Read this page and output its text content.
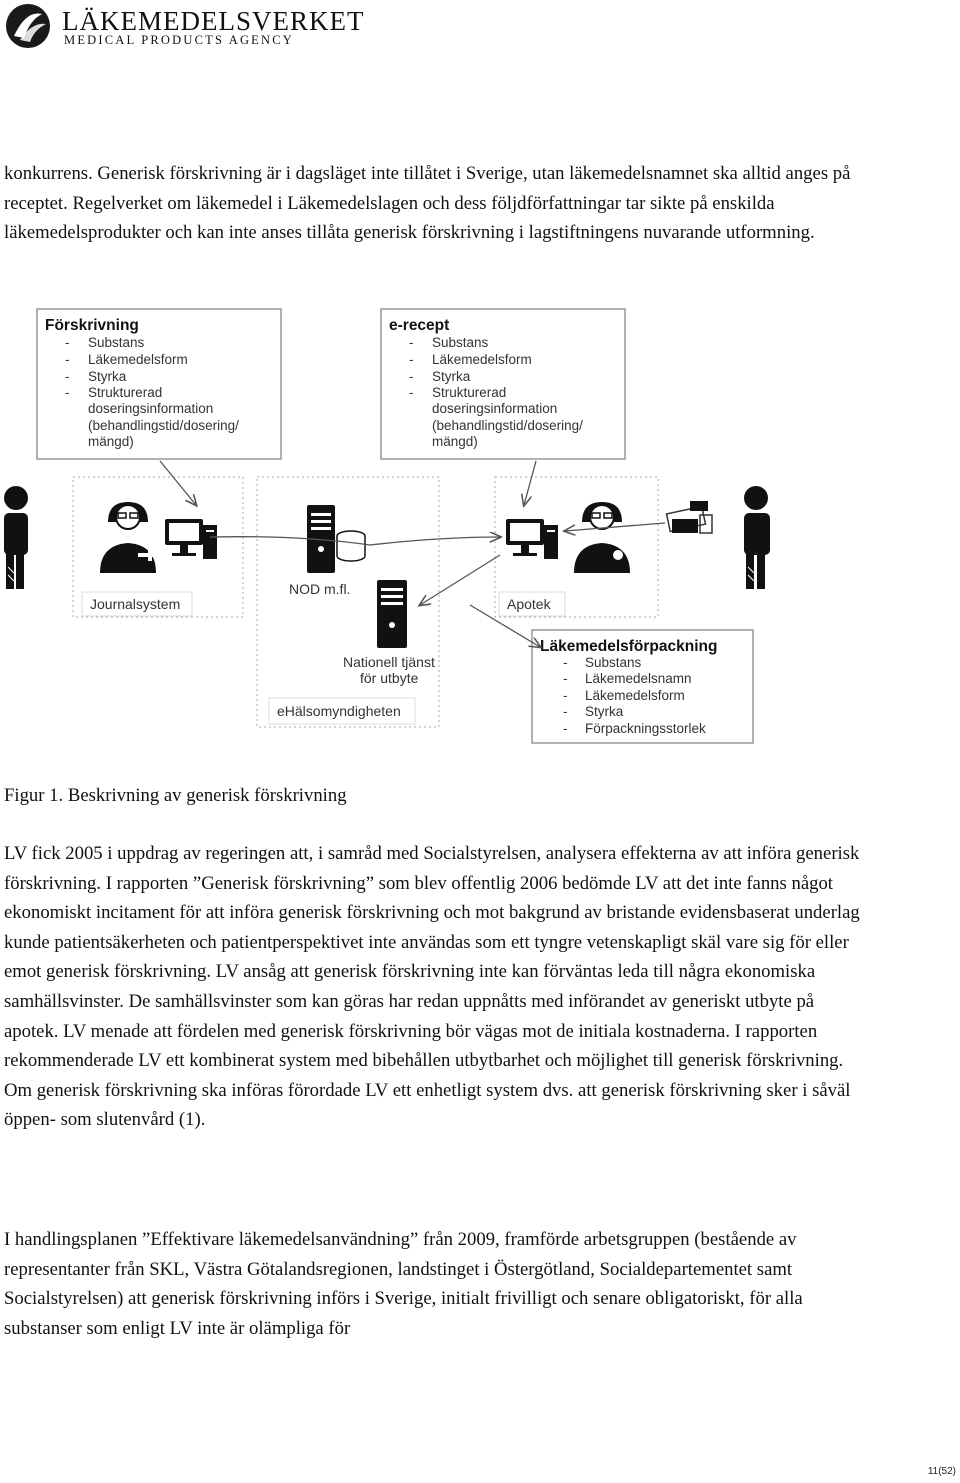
LÄKEMEDELSVERKET
MEDICAL PRODUCTS AGENCY

konkurrens. Generisk förskrivning är i dagsläget inte tillåtet i Sverige, utan läkemedelsnamnet ska alltid anges på receptet. Regelverket om läkemedel i Läkemedelslagen och dess följdförfattningar tar sikte på enskilda läkemedelsprodukter och kan inte anses tillåta generisk förskrivning i lagstiftningens nuvarande utformning.

Förskrivning
- Substans
- Läkemedelsform
- Styrka
- Strukturerad
doseringsinformation
(behandlingstid/dosering/
mängd)
e-recept
- Substans
- Läkemedelsform
- Styrka
- Strukturerad
doseringsinformation
(behandlingstid/dosering/
mängd)
Journalsystem
NOD m.fl.
Nationell tjänst
för utbyte
eHälsomyndigheten
Apotek
Läkemedelsförpackning
- Substans
- Läkemedelsnamn
- Läkemedelsform
- Styrka
- Förpackningsstorlek
Figur 1. Beskrivning av generisk förskrivning

LV fick 2005 i uppdrag av regeringen att, i samråd med Socialstyrelsen, analysera effekterna av att införa generisk förskrivning. I rapporten ”Generisk förskrivning” som blev offentlig 2006 bedömde LV att det inte fanns något ekonomiskt incitament för att införa generisk förskrivning och mot bakgrund av bristande evidensbaserat underlag kunde patientsäkerheten och patientperspektivet inte användas som ett tyngre vetenskapligt skäl vare sig för eller emot generisk förskrivning. LV ansåg att generisk förskrivning inte kan förväntas leda till några ekonomiska samhällsvinster. De samhällsvinster som kan göras har redan uppnåtts med införandet av generiskt utbyte på apotek. LV menade att fördelen med generisk förskrivning bör vägas mot de initiala kostnaderna. I rapporten rekommenderade LV ett kombinerat system med bibehållen utbytbarhet och möjlighet till generisk förskrivning. Om generisk förskrivning ska införas förordade LV ett enhetligt system dvs. att generisk förskrivning sker i såväl öppen- som slutenvård (1).

I handlingsplanen ”Effektivare läkemedelsanvändning” från 2009, framförde arbetsgruppen (bestående av representanter från SKL, Västra Götalandsregionen, landstinget i Östergötland, Socialdepartementet samt Socialstyrelsen) att generisk förskrivning införs i Sverige, initialt frivilligt och senare obligatoriskt, för alla substanser som enligt LV inte är olämpliga för

11(52)
